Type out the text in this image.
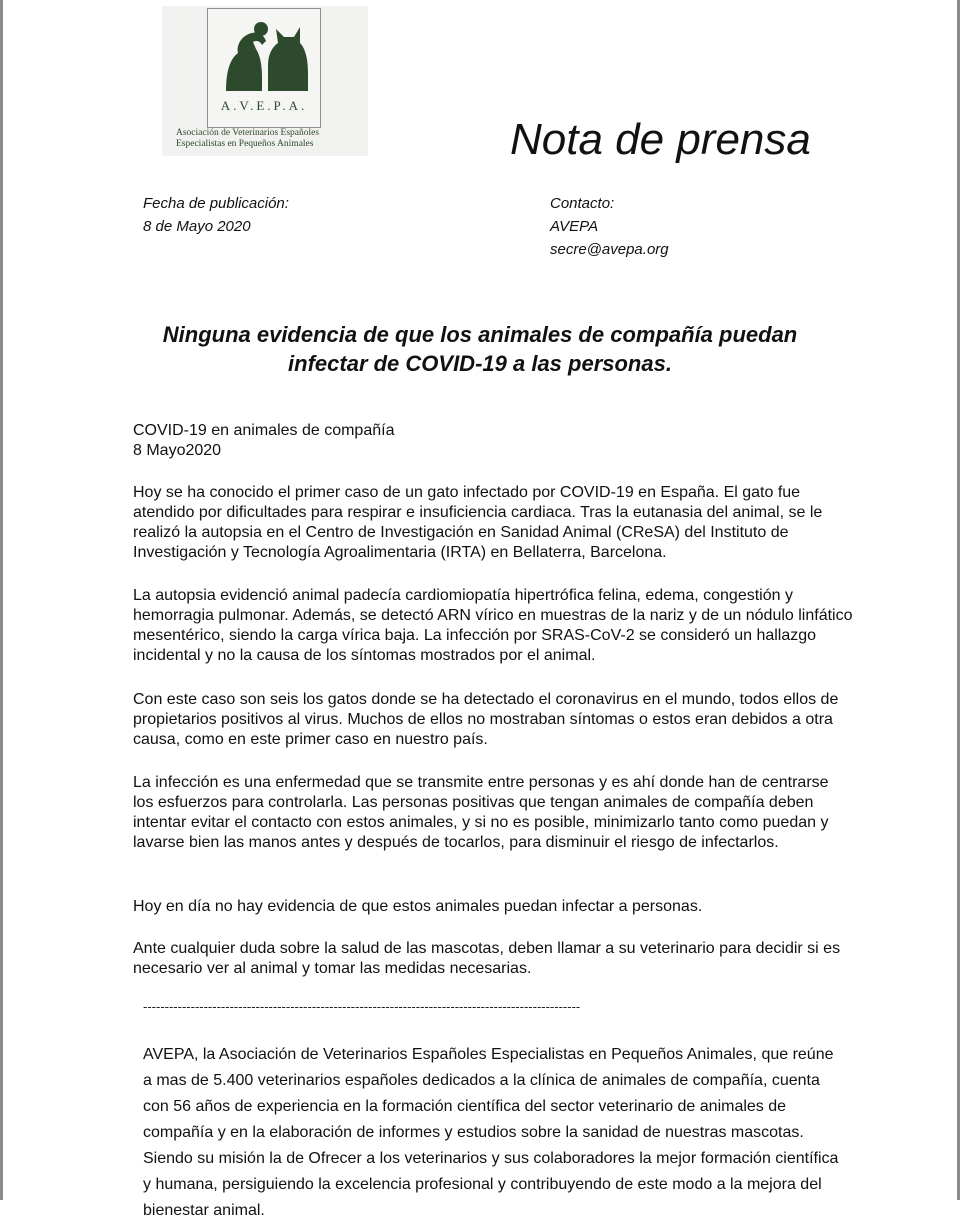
A.V.E.P.A.
Asociación de Veterinarios Españoles
Especialistas en Pequeños Animales	Nota de prensa
Fecha de publicación:
8 de Mayo 2020
Contacto:
AVEPA
secre@avepa.org
Ninguna evidencia de que los animales de compañía puedan infectar de COVID-19 a las personas.
COVID-19 en animales de compañía
8 Mayo2020
Hoy se ha conocido el primer caso de un gato infectado por COVID-19 en España. El gato fue atendido por dificultades para respirar e insuficiencia cardiaca. Tras la eutanasia del animal, se le realizó la autopsia en el Centro de Investigación en Sanidad Animal (CReSA) del Instituto de Investigación y Tecnología Agroalimentaria (IRTA) en Bellaterra, Barcelona.
La autopsia evidenció animal padecía cardiomiopatía hipertrófica felina, edema, congestión y hemorragia pulmonar. Además, se detectó ARN vírico en muestras de la nariz y de un nódulo linfático mesentérico, siendo la carga vírica baja. La infección por SRAS-CoV-2 se consideró un hallazgo incidental y no la causa de los síntomas mostrados por el animal.
Con este caso son seis los gatos donde se ha detectado el coronavirus en el mundo, todos ellos de propietarios positivos al virus. Muchos de ellos no mostraban síntomas o estos eran debidos a otra causa, como en este primer caso en nuestro país.
La infección es una enfermedad que se transmite entre personas y es ahí donde han de centrarse los esfuerzos para controlarla. Las personas positivas que tengan animales de compañía deben intentar evitar el contacto con estos animales, y si no es posible, minimizarlo tanto como puedan y lavarse bien las manos antes y después de tocarlos, para disminuir el riesgo de infectarlos.
Hoy en día no hay evidencia de que estos animales puedan infectar a personas.
Ante cualquier duda sobre la salud de las mascotas, deben llamar a su veterinario para decidir si es necesario ver al animal y tomar las medidas necesarias.
-----------------------------------------------------------------------------------------------------
AVEPA, la Asociación de Veterinarios Españoles Especialistas en Pequeños Animales, que reúne a mas de 5.400 veterinarios españoles dedicados a la clínica de animales de compañía, cuenta con 56 años de experiencia en la formación científica del sector veterinario de animales de compañía y en la elaboración de informes y estudios sobre la sanidad de nuestras mascotas. Siendo su misión la de Ofrecer a los veterinarios y sus colaboradores la mejor formación científica y humana, persiguiendo la excelencia profesional y contribuyendo de este modo a la mejora del bienestar animal.
